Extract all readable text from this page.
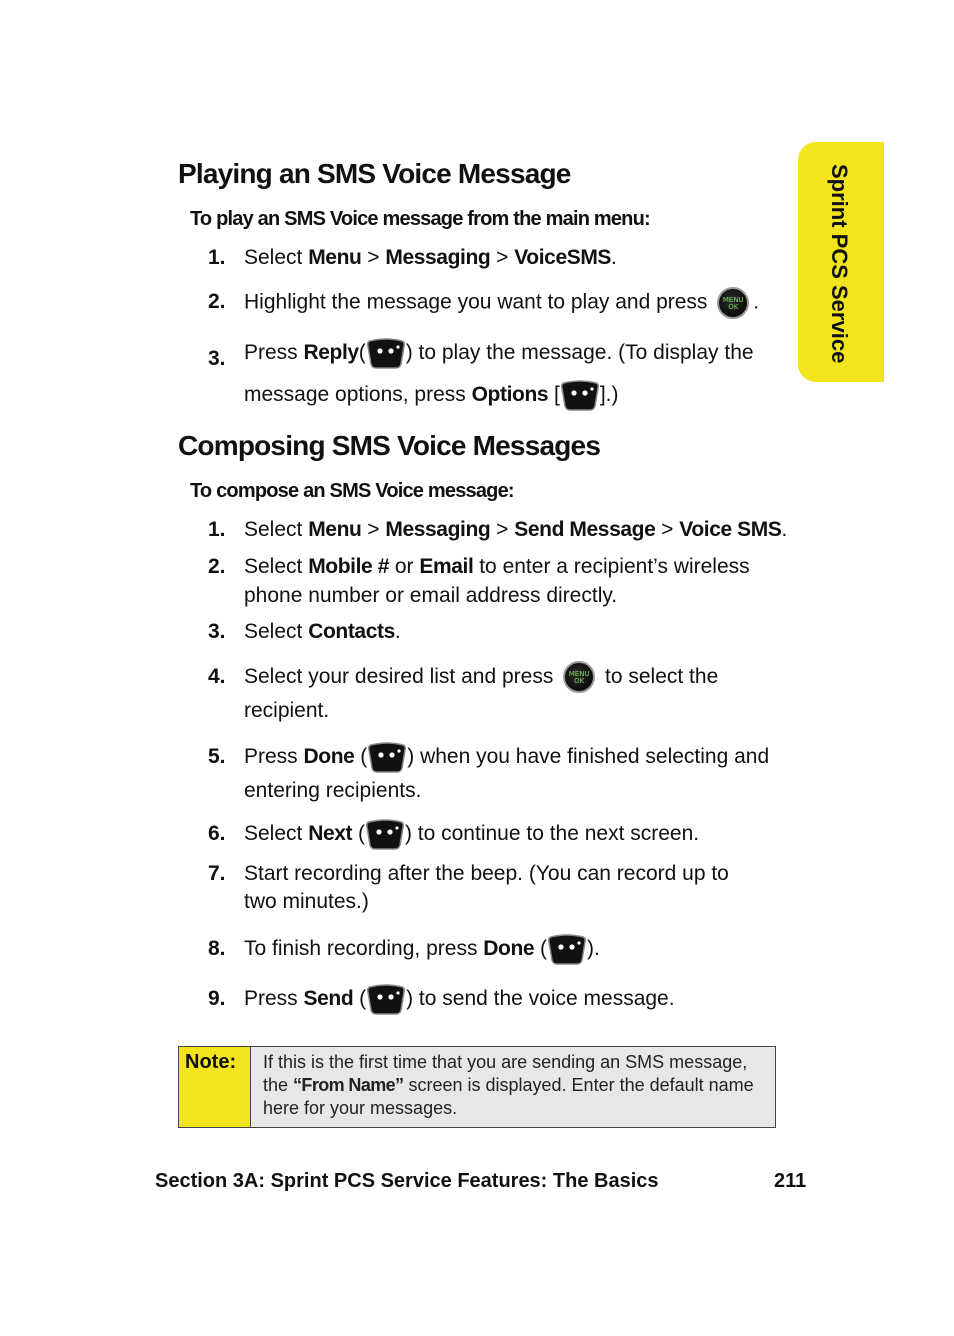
Sprint PCS Service
Playing an SMS Voice Message

To play an SMS Voice message from the main menu:

1. Select Menu > Messaging > VoiceSMS.
2. Highlight the message you want to play and press MENU OK .
3. Press Reply( ) to play the message. (To display the message options, press Options [ ].)
Composing SMS Voice Messages

To compose an SMS Voice message:

1. Select Menu > Messaging > Send Message > Voice SMS.
2. Select Mobile # or Email to enter a recipient’s wireless phone number or email address directly.
3. Select Contacts.
4. Select your desired list and press MENU OK to select the recipient.
5. Press Done ( ) when you have finished selecting and entering recipients.
6. Select Next ( ) to continue to the next screen.
7. Start recording after the beep. (You can record up to two minutes.)
8. To finish recording, press Done ( ).
9. Press Send ( ) to send the voice message.
Note:	If this is the first time that you are sending an SMS message, the “From Name” screen is displayed. Enter the default name here for your messages.
Section 3A: Sprint PCS Service Features: The Basics	211
